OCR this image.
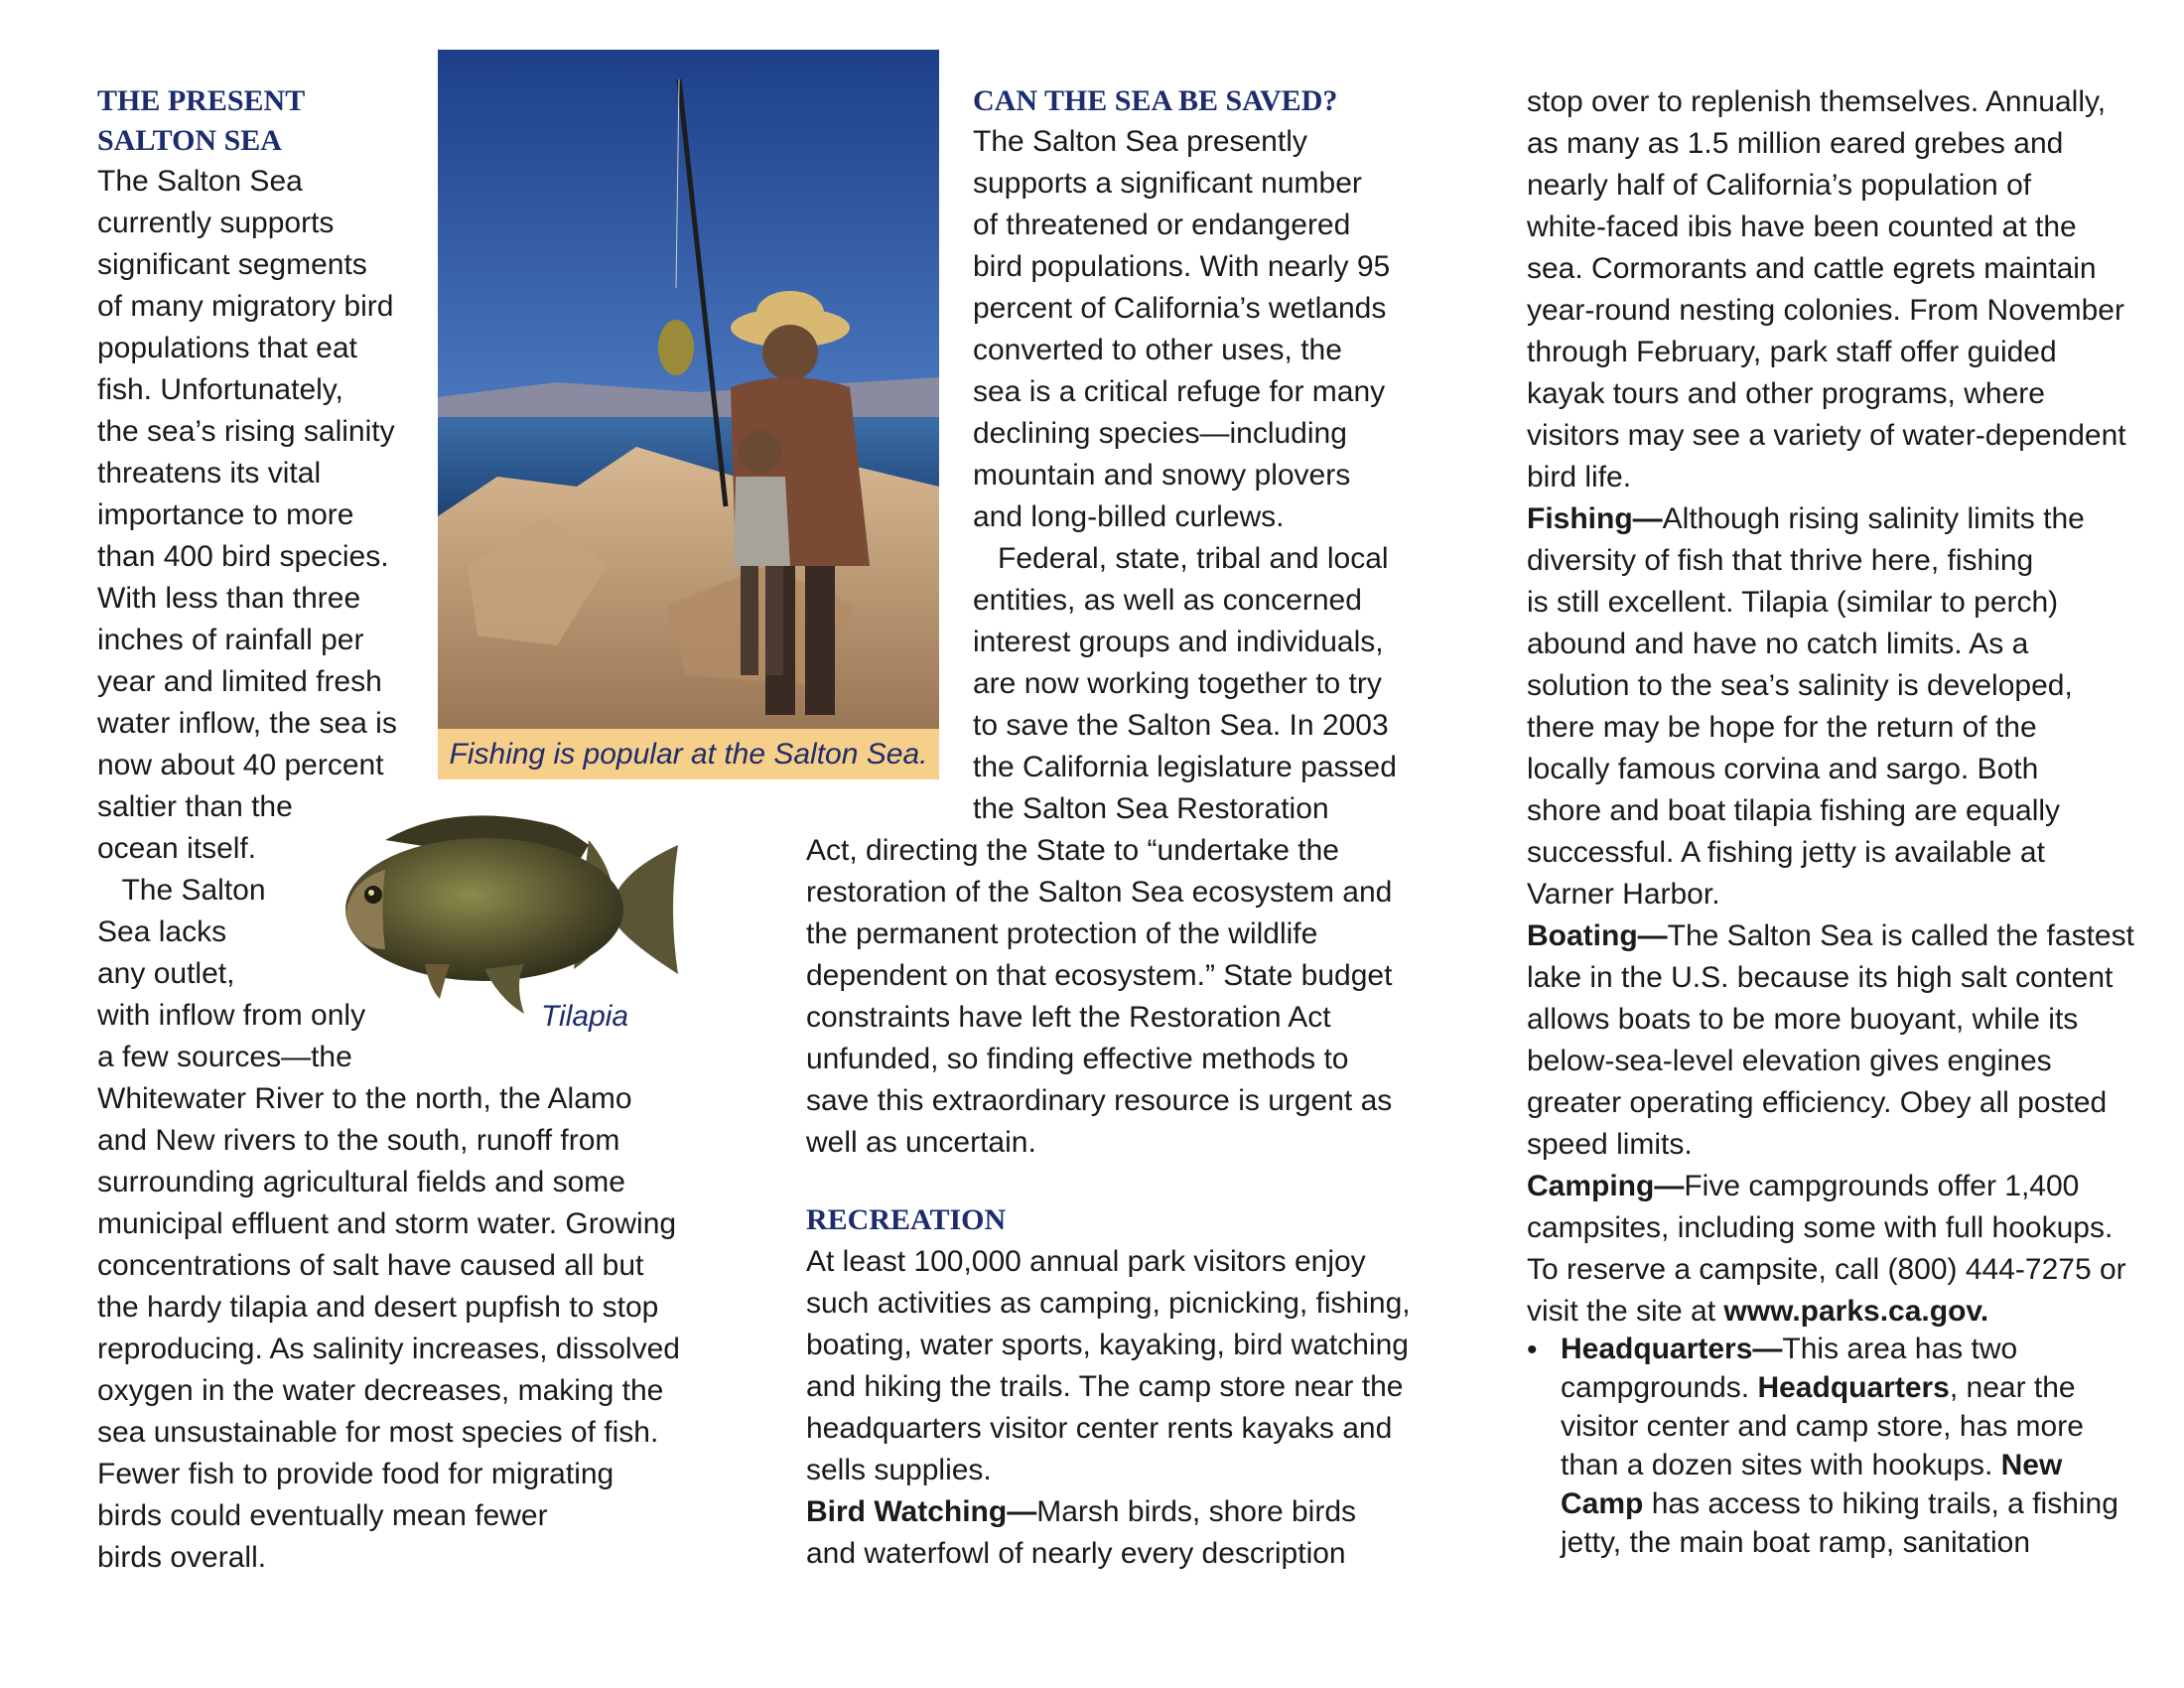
THE PRESENT
SALTON SEA
The Salton Sea
currently supports
significant segments
of many migratory bird
populations that eat
fish. Unfortunately,
the sea’s rising salinity
threatens its vital
importance to more
than 400 bird species.
With less than three
inches of rainfall per
year and limited fresh
water inflow, the sea is
now about 40 percent
saltier than the
ocean itself.
The Salton
Sea lacks
any outlet,
with inflow from only
a few sources—the
Whitewater River to the north, the Alamo
and New rivers to the south, runoff from
surrounding agricultural fields and some
municipal effluent and storm water. Growing
concentrations of salt have caused all but
the hardy tilapia and desert pupfish to stop
reproducing. As salinity increases, dissolved
oxygen in the water decreases, making the
sea unsustainable for most species of fish.
Fewer fish to provide food for migrating
birds could eventually mean fewer
birds overall.
Fishing is popular at the Salton Sea.
Tilapia
CAN THE SEA BE SAVED?
The Salton Sea presently
supports a significant number
of threatened or endangered
bird populations. With nearly 95
percent of California’s wetlands
converted to other uses, the
sea is a critical refuge for many
declining species—including
mountain and snowy plovers
and long-billed curlews.
Federal, state, tribal and local
entities, as well as concerned
interest groups and individuals,
are now working together to try
to save the Salton Sea. In 2003
the California legislature passed
the Salton Sea Restoration
Act, directing the State to “undertake the
restoration of the Salton Sea ecosystem and
the permanent protection of the wildlife
dependent on that ecosystem.” State budget
constraints have left the Restoration Act
unfunded, so finding effective methods to
save this extraordinary resource is urgent as
well as uncertain.
RECREATION
At least 100,000 annual park visitors enjoy
such activities as camping, picnicking, fishing,
boating, water sports, kayaking, bird watching
and hiking the trails. The camp store near the
headquarters visitor center rents kayaks and
sells supplies.
Bird Watching—Marsh birds, shore birds
and waterfowl of nearly every description
stop over to replenish themselves. Annually,
as many as 1.5 million eared grebes and
nearly half of California’s population of
white-faced ibis have been counted at the
sea. Cormorants and cattle egrets maintain
year-round nesting colonies. From November
through February, park staff offer guided
kayak tours and other programs, where
visitors may see a variety of water-dependent
bird life.
Fishing—Although rising salinity limits the
diversity of fish that thrive here, fishing
is still excellent. Tilapia (similar to perch)
abound and have no catch limits. As a
solution to the sea’s salinity is developed,
there may be hope for the return of the
locally famous corvina and sargo. Both
shore and boat tilapia fishing are equally
successful. A fishing jetty is available at
Varner Harbor.
Boating—The Salton Sea is called the fastest
lake in the U.S. because its high salt content
allows boats to be more buoyant, while its
below-sea-level elevation gives engines
greater operating efficiency. Obey all posted
speed limits.
Camping—Five campgrounds offer 1,400
campsites, including some with full hookups.
To reserve a campsite, call (800) 444-7275 or
visit the site at www.parks.ca.gov.
• Headquarters—This area has two
campgrounds. Headquarters, near the
visitor center and camp store, has more
than a dozen sites with hookups. New
Camp has access to hiking trails, a fishing
jetty, the main boat ramp, sanitation
